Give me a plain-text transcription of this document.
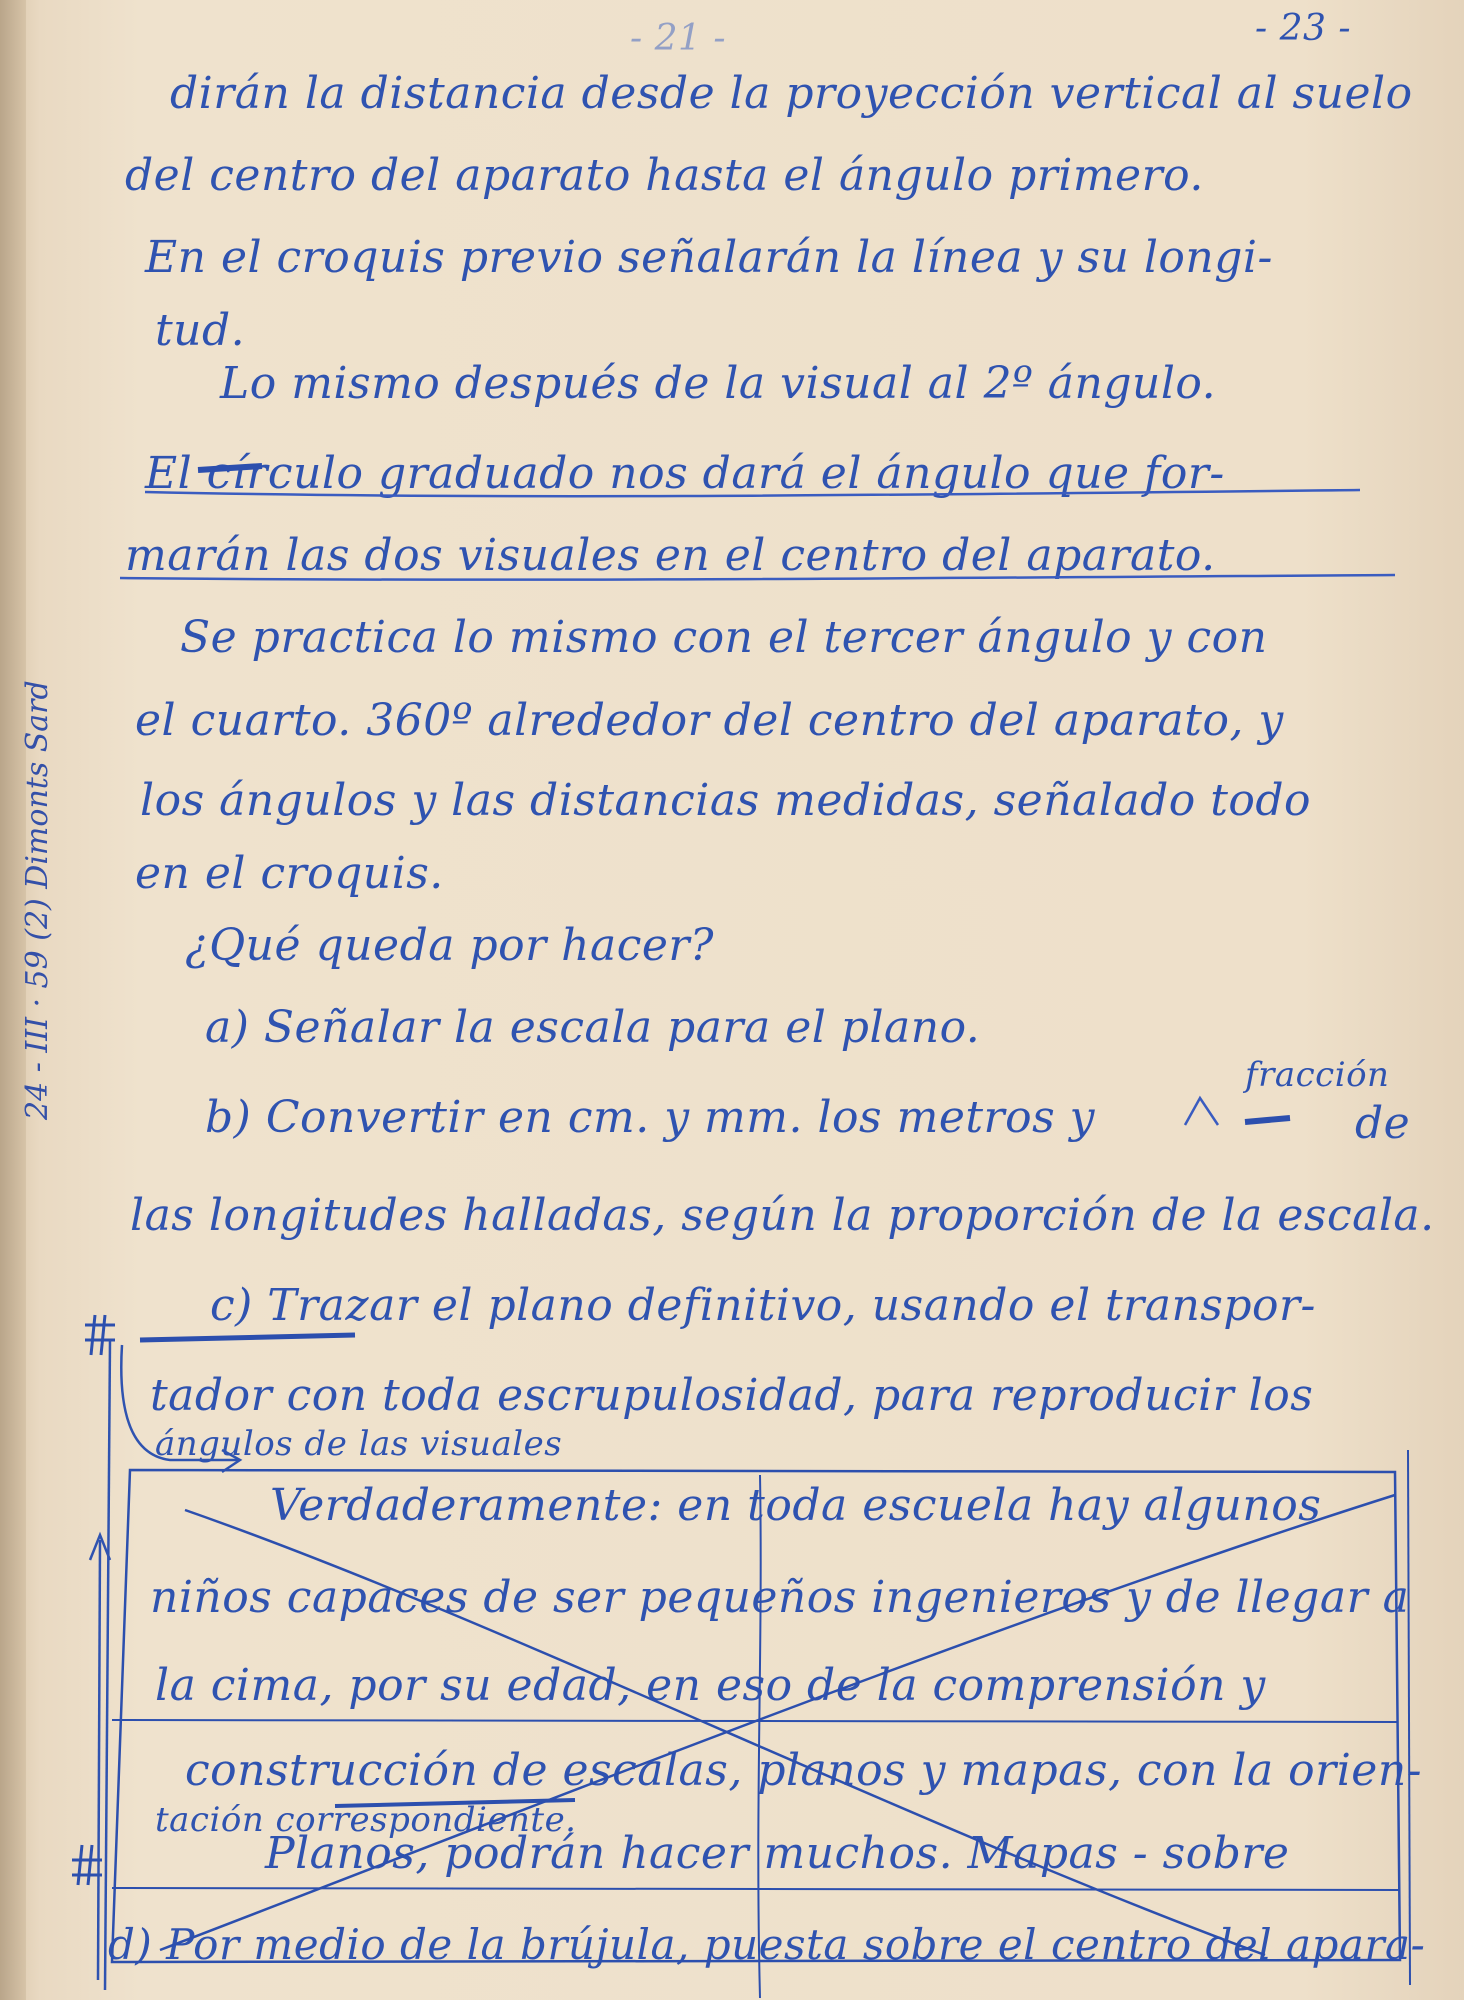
- 21 -	- 23 -
24 - III · 59 (2) Dimonts Sard
dirán la distancia desde la proyección vertical al suelo
del centro del aparato hasta el ángulo primero.
En el croquis previo señalarán la línea y su longi-
tud.
Lo mismo después de la visual al 2º ángulo.
El círculo graduado nos dará el ángulo que for-
marán las dos visuales en el centro del aparato.
Se practica lo mismo con el tercer ángulo y con
el cuarto. 360º alrededor del centro del aparato, y
los ángulos y las distancias medidas, señalado todo
en el croquis.
¿Qué queda por hacer?
a) Señalar la escala para el plano.
fracción
b) Convertir en cm. y mm. los metros y	de
las longitudes halladas, según la proporción de la escala.
c) Trazar el plano definitivo, usando el transpor-
tador con toda escrupulosidad, para reproducir los
ángulos de las visuales
Verdaderamente: en toda escuela hay algunos
niños capaces de ser pequeños ingenieros y de llegar a
la cima, por su edad, en eso de la comprensión y
construcción de escalas, planos y mapas, con la orien-
tación correspondiente.
Planos, podrán hacer muchos. Mapas - sobre
d) Por medio de la brújula, puesta sobre el centro del apara-
